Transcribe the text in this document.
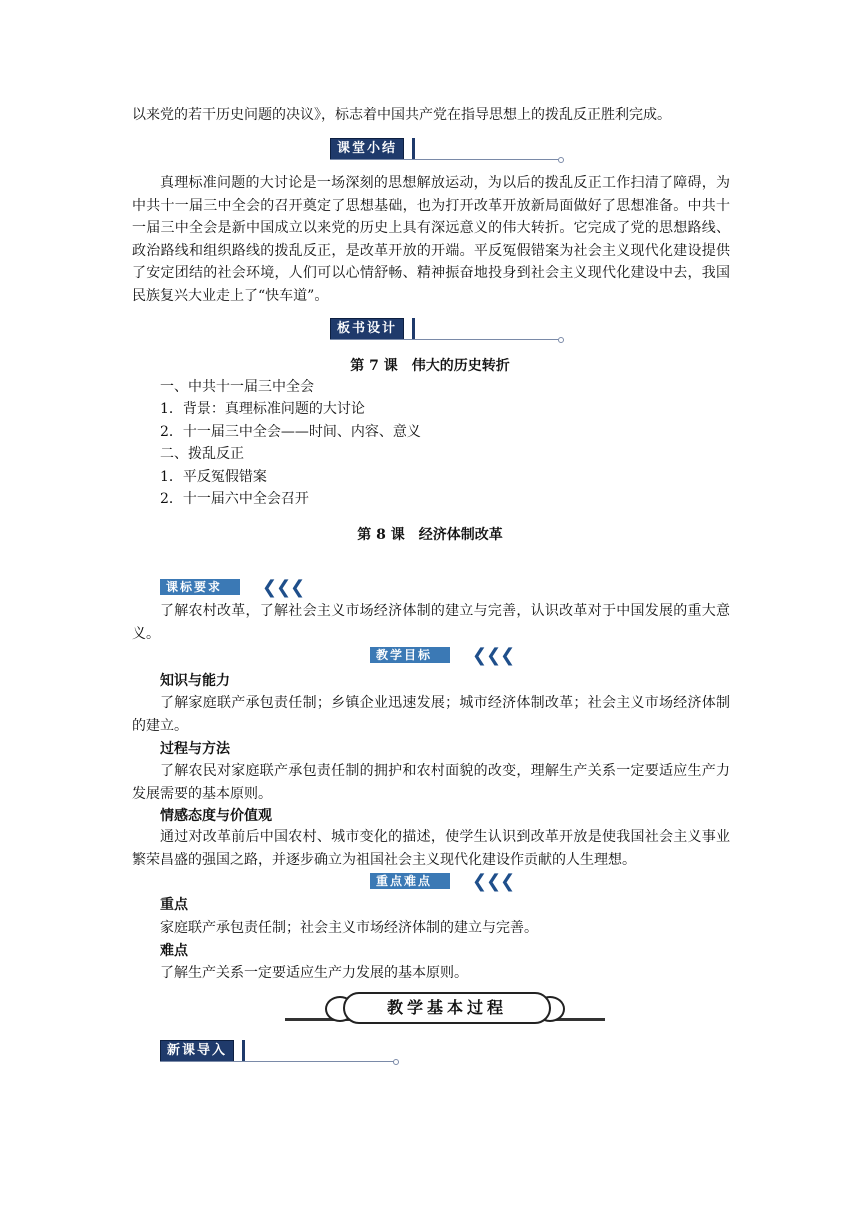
以来党的若干历史问题的决议》，标志着中国共产党在指导思想上的拨乱反正胜利完成。
课堂小结
真理标准问题的大讨论是一场深刻的思想解放运动，为以后的拨乱反正工作扫清了障碍，为中共十一届三中全会的召开奠定了思想基础，也为打开改革开放新局面做好了思想准备。中共十一届三中全会是新中国成立以来党的历史上具有深远意义的伟大转折。它完成了党的思想路线、政治路线和组织路线的拨乱反正，是改革开放的开端。平反冤假错案为社会主义现代化建设提供了安定团结的社会环境，人们可以心情舒畅、精神振奋地投身到社会主义现代化建设中去，我国民族复兴大业走上了“快车道”。
板书设计
第 7 课　伟大的历史转折
一、中共十一届三中全会
1．背景：真理标准问题的大讨论
2．十一届三中全会——时间、内容、意义
二、拨乱反正
1．平反冤假错案
2．十一届六中全会召开
第 8 课　经济体制改革
课标要求	❮❮❮
了解农村改革，了解社会主义市场经济体制的建立与完善，认识改革对于中国发展的重大意义。
教学目标	❮❮❮
知识与能力
了解家庭联产承包责任制；乡镇企业迅速发展；城市经济体制改革；社会主义市场经济体制的建立。
过程与方法
了解农民对家庭联产承包责任制的拥护和农村面貌的改变，理解生产关系一定要适应生产力发展需要的基本原则。
情感态度与价值观
通过对改革前后中国农村、城市变化的描述，使学生认识到改革开放是使我国社会主义事业繁荣昌盛的强国之路，并逐步确立为祖国社会主义现代化建设作贡献的人生理想。
重点难点	❮❮❮
重点
家庭联产承包责任制；社会主义市场经济体制的建立与完善。
难点
了解生产关系一定要适应生产力发展的基本原则。
教学基本过程
新课导入
